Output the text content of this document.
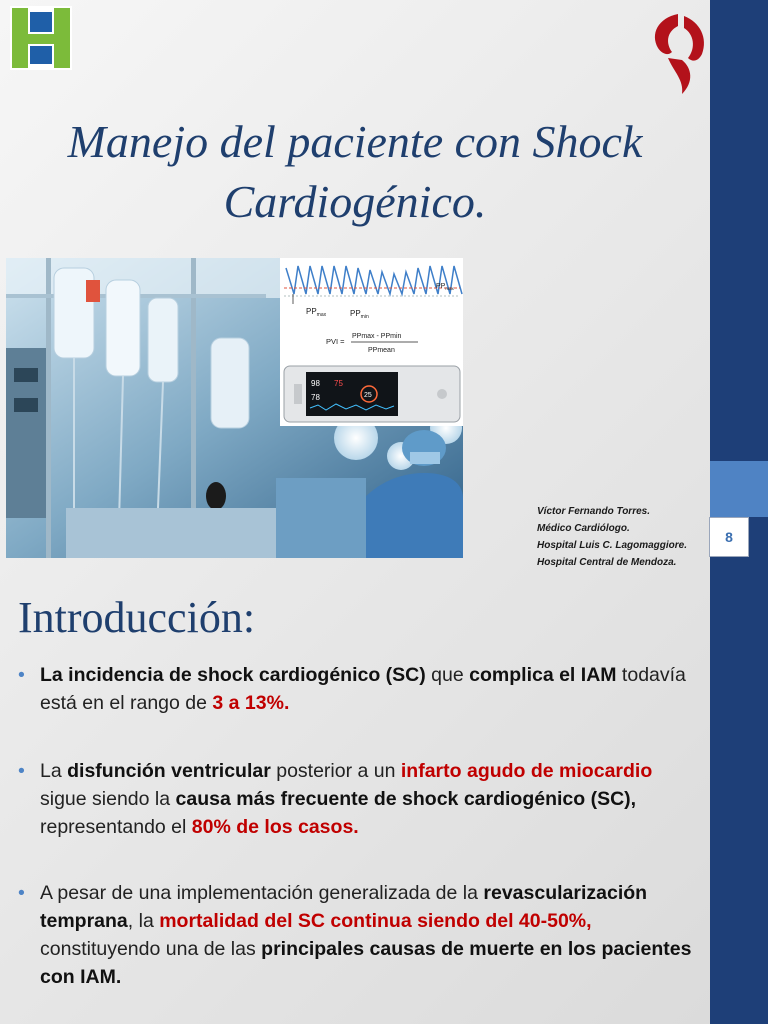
8
Manejo del paciente con Shock Cardiogénico.
$PP_{max}$	$PP_{min}$
$PP_{max}$
PVI =
PPmax - PPmin
PPmean
98 75
78	25
Víctor Fernando Torres.
Médico Cardiólogo.
Hospital Luis C. Lagomaggiore.
Hospital Central de Mendoza.
Introducción:
• La incidencia de shock cardiogénico (SC) que complica el IAM todavía está en el rango de 3 a 13%.
• La disfunción ventricular posterior a un infarto agudo de miocardio sigue siendo la causa más frecuente de shock cardiogénico (SC), representando el 80% de los casos.
• A pesar de una implementación generalizada de la revascularización temprana, la mortalidad del SC continua siendo del 40-50%, constituyendo una de las principales causas de muerte en los pacientes con IAM.
